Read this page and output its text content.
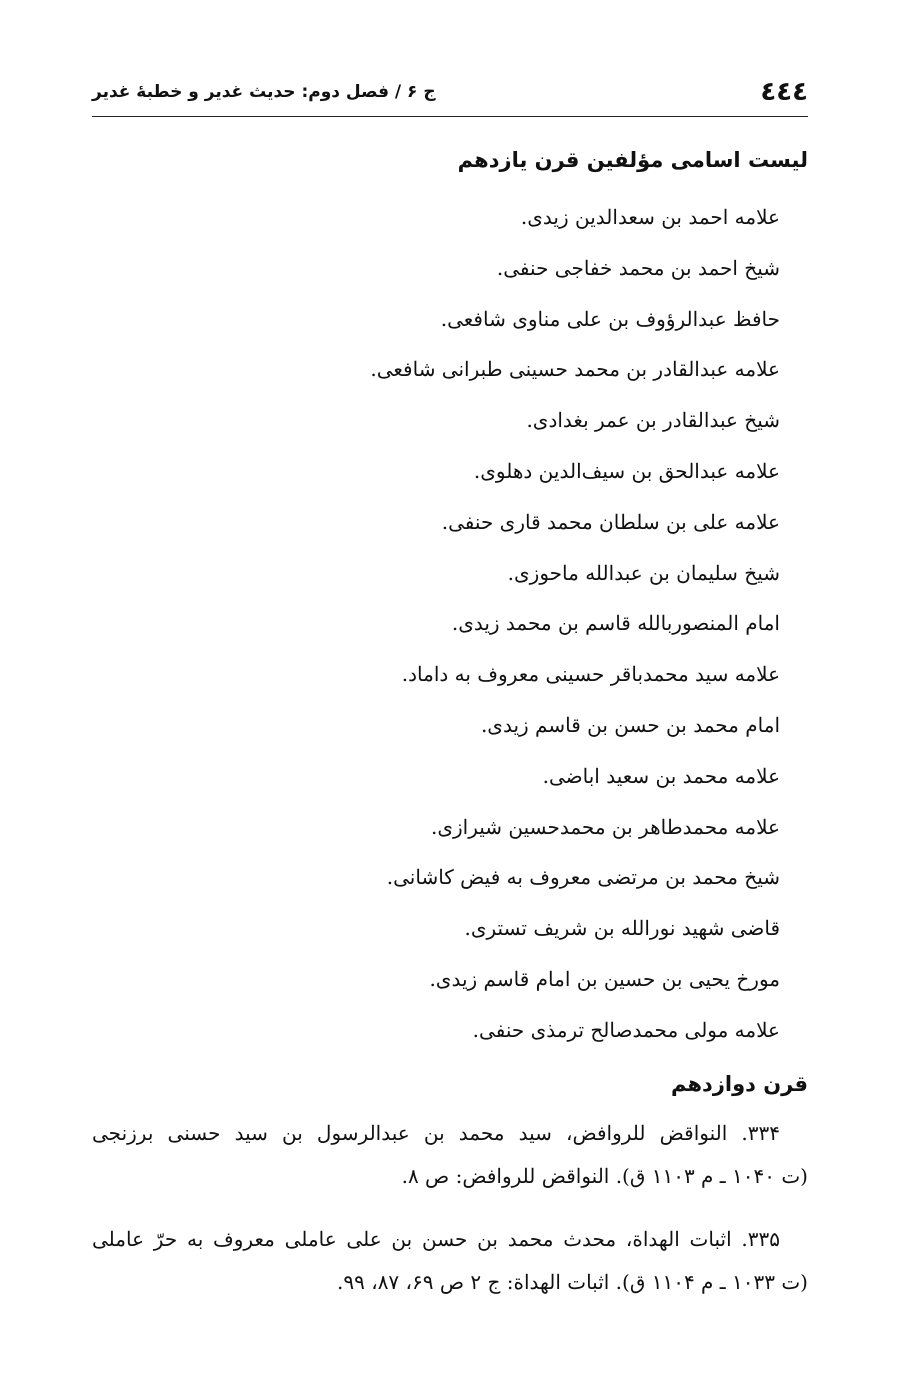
٤٤٤
ج ۶ / فصل دوم: حدیث غدیر و خطبهٔ غدیر
لیست اسامی مؤلفین قرن یازدهم
علامه احمد بن سعدالدین زیدی.
شیخ احمد بن محمد خفاجی حنفی.
حافظ عبدالرؤوف بن علی مناوی شافعی.
علامه عبدالقادر بن محمد حسینی طبرانی شافعی.
شیخ عبدالقادر بن عمر بغدادی.
علامه عبدالحق بن سیف‌الدین دهلوی.
علامه علی بن سلطان محمد قاری حنفی.
شیخ سلیمان بن عبدالله ماحوزی.
امام المنصوربالله قاسم بن محمد زیدی.
علامه سید محمدباقر حسینی معروف به داماد.
امام محمد بن حسن بن قاسم زیدی.
علامه محمد بن سعید اباضی.
علامه محمدطاهر بن محمدحسین شیرازی.
شیخ محمد بن مرتضی معروف به فیض کاشانی.
قاضی شهید نورالله بن شریف تستری.
مورخ یحیی بن حسین بن امام قاسم زیدی.
علامه مولی محمدصالح ترمذی حنفی.
قرن دوازدهم
۳۳۴. النواقض للروافض، سید محمد بن عبدالرسول بن سید حسنی برزنجی
(ت ۱۰۴۰ ـ م ۱۱۰۳ ق). النواقض للروافض: ص ۸.
۳۳۵. اثبات الهداة، محدث محمد بن حسن بن علی عاملی معروف به حرّ عاملی
(ت ۱۰۳۳ ـ م ۱۱۰۴ ق). اثبات الهداة: ج ۲ ص ۶۹، ۸۷، ۹۹.
